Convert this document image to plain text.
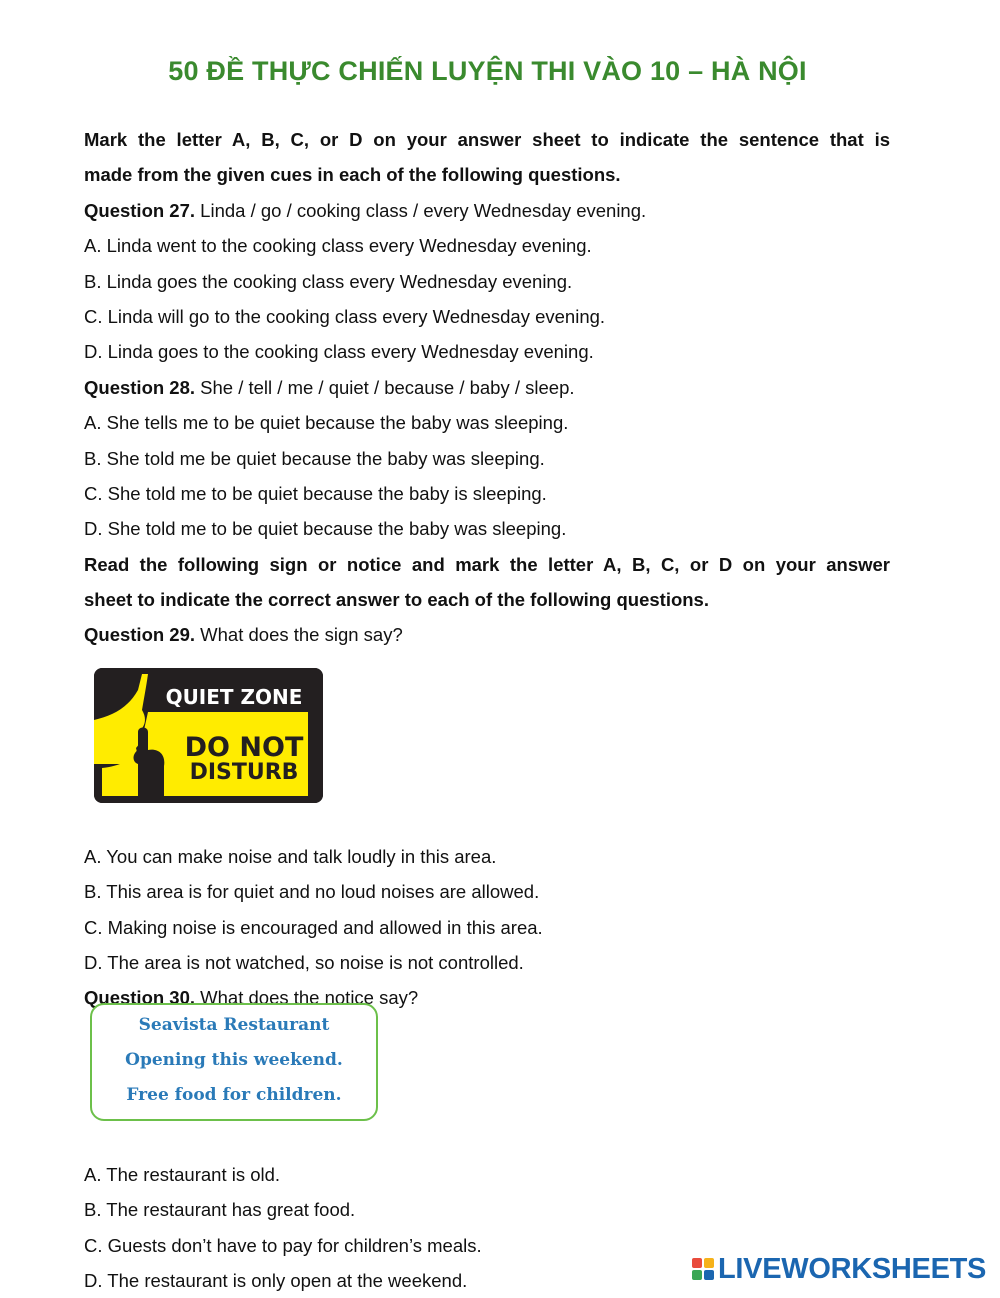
50 ĐỀ THỰC CHIẾN LUYỆN THI VÀO 10 – HÀ NỘI
Mark the letter A, B, C, or D on your answer sheet to indicate the sentence that is
made from the given cues in each of the following questions.
Question 27. Linda / go / cooking class / every Wednesday evening.
A. Linda went to the cooking class every Wednesday evening.
B. Linda goes the cooking class every Wednesday evening.
C. Linda will go to the cooking class every Wednesday evening.
D. Linda goes to the cooking class every Wednesday evening.
Question 28. She / tell / me / quiet / because / baby / sleep.
A. She tells me to be quiet because the baby was sleeping.
B. She told me be quiet because the baby was sleeping.
C. She told me to be quiet because the baby is sleeping.
D. She told me to be quiet because the baby was sleeping.
Read the following sign or notice and mark the letter A, B, C, or D on your answer
sheet to indicate the correct answer to each of the following questions.
Question 29. What does the sign say?
A. You can make noise and talk loudly in this area.
B. This area is for quiet and no loud noises are allowed.
C. Making noise is encouraged and allowed in this area.
D. The area is not watched, so noise is not controlled.
Question 30. What does the notice say?
A. The restaurant is old.
B. The restaurant has great food.
C. Guests don’t have to pay for children’s meals.
D. The restaurant is only open at the weekend.
QUIET ZONE
DO NOT
DISTURB
Seavista Restaurant
Opening this weekend.
Free food for children.
LIVEWORKSHEETS
